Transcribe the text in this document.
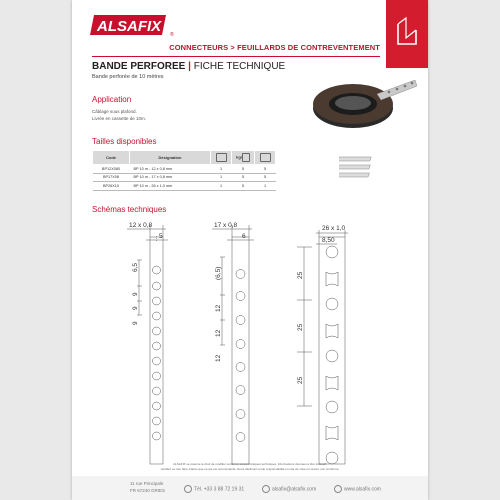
ALSAFIX ®
CONNECTEURS > FEUILLARDS DE CONTREVENTEMENT
BANDE PERFOREE | FICHE TECHNIQUE
Bande perforée de 10 mètres
Application
Câblage sous plafond.
Livrée en cassette de 10m.
Tailles disponibles
Code	Désignation		kg/	
BP12X080	BP 10 m - 12 x 0,8 mm	1	5	5
BP17X08	BP 10 m - 17 x 0,8 mm	1	5	5
BP26X10	BP 10 m - 26 x 1,0 mm	1	5	1
Schémas techniques
12 x 0,8
5
6,5
9
9
9
17 x 0,8
6
(6,5)
12
12
12
26 x 1,0
8,50
25
25
25
ALSAFIX se réserve le droit de modifier certaines caractéristiques techniques. Informations données à titre indicatif.
Veuillez ne rien faire d'autre que ce qui est recommandé. Nous déclinons toute responsabilité en cas de mise en œuvre non conforme.
11 rue Principale
FR 67240 GRIES	Tél. +33 3 88 72 19 31	alsafix@alsafix.com	www.alsafix.com
